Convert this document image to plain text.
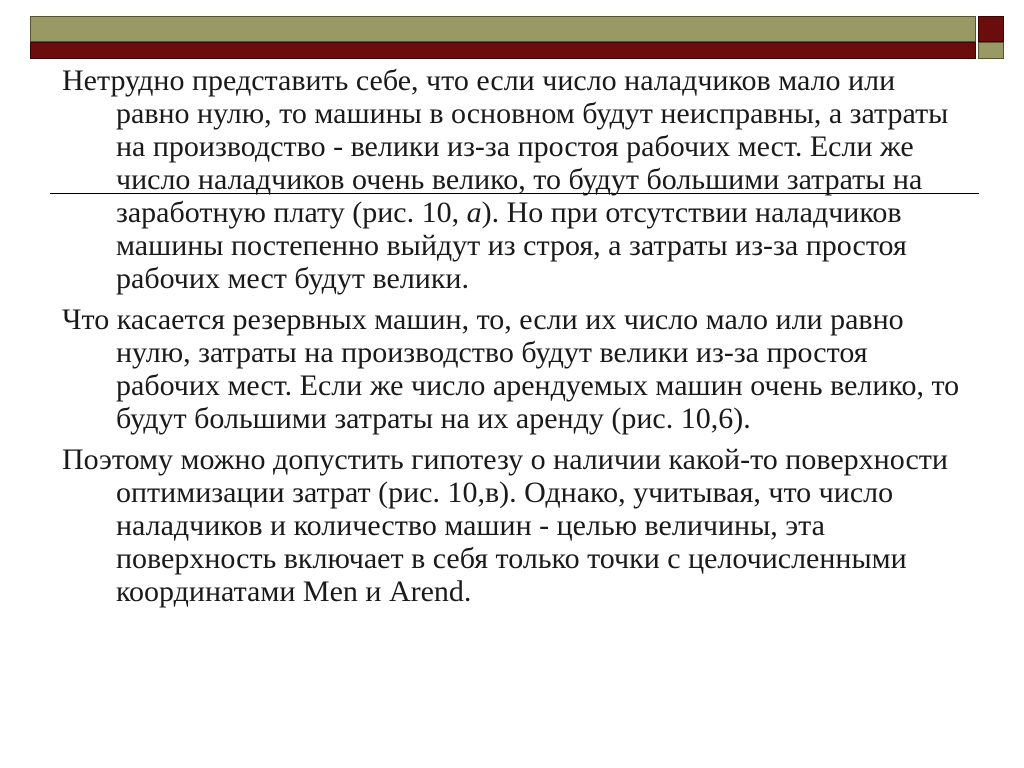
Нетрудно представить себе, что если число наладчиков мало или равно нулю, то машины в основном будут неисправны, а затраты на производство - велики из-за простоя рабочих мест. Если же число наладчиков очень велико, то будут большими затраты на заработную плату (рис. 10, а). Но при отсутствии наладчиков машины постепенно выйдут из строя, а затраты из-за простоя рабочих мест будут велики.

Что касается резервных машин, то, если их число мало или равно нулю, затраты на производство будут велики из-за простоя рабочих мест. Если же число арендуемых машин очень велико, то будут большими затраты на их аренду (рис. 10,6).

Поэтому можно допустить гипотезу о наличии какой-то поверхности оптимизации затрат (рис. 10,в). Однако, учитывая, что число наладчиков и количество машин - целью величины, эта поверхность включает в себя только точки с целочисленными координатами Men и Arend.
